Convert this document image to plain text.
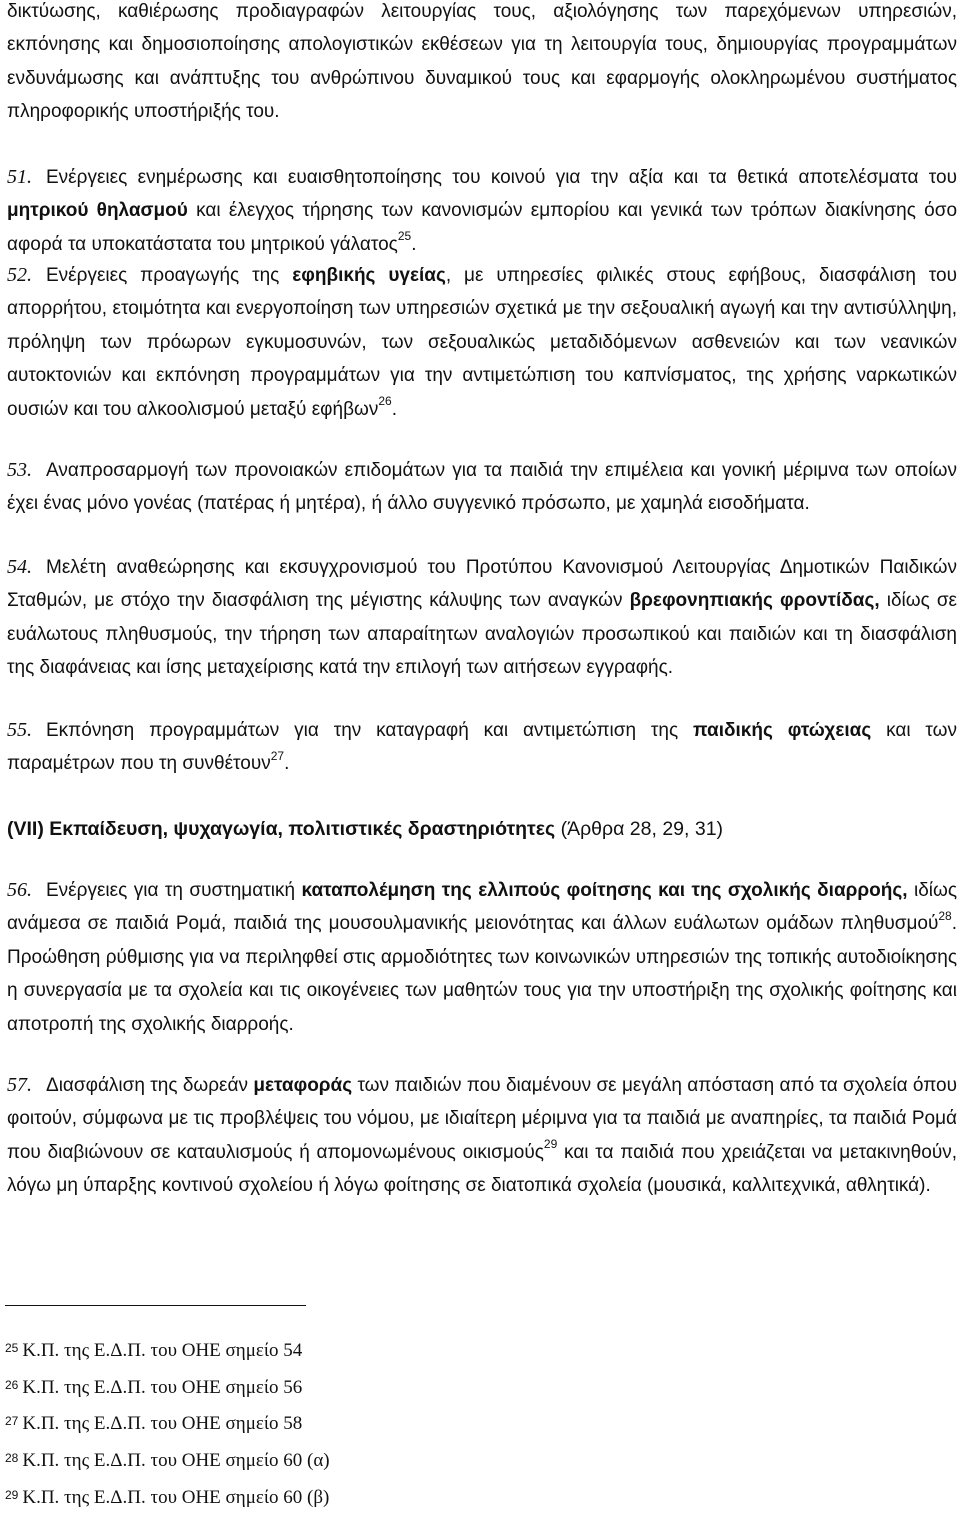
δικτύωσης, καθιέρωσης προδιαγραφών λειτουργίας τους, αξιολόγησης των παρεχόμενων υπηρεσιών, εκπόνησης και δημοσιοποίησης απολογιστικών εκθέσεων για τη λειτουργία τους, δημιουργίας προγραμμάτων ενδυνάμωσης και ανάπτυξης του ανθρώπινου δυναμικού τους και εφαρμογής ολοκληρωμένου συστήματος πληροφορικής υποστήριξής του.

51. Ενέργειες ενημέρωσης και ευαισθητοποίησης του κοινού για την αξία και τα θετικά αποτελέσματα του μητρικού θηλασμού και έλεγχος τήρησης των κανονισμών εμπορίου και γενικά των τρόπων διακίνησης όσο αφορά τα υποκατάστατα του μητρικού γάλατος$^{25}$.

52. Ενέργειες προαγωγής της εφηβικής υγείας, με υπηρεσίες φιλικές στους εφήβους, διασφάλιση του απορρήτου, ετοιμότητα και ενεργοποίηση των υπηρεσιών σχετικά με την σεξουαλική αγωγή και την αντισύλληψη, πρόληψη των πρόωρων εγκυμοσυνών, των σεξουαλικώς μεταδιδόμενων ασθενειών και των νεανικών αυτοκτονιών και εκπόνηση προγραμμάτων για την αντιμετώπιση του καπνίσματος, της χρήσης ναρκωτικών ουσιών και του αλκοολισμού μεταξύ εφήβων$^{26}$.

53. Αναπροσαρμογή των προνοιακών επιδομάτων για τα παιδιά την επιμέλεια και γονική μέριμνα των οποίων έχει ένας μόνο γονέας (πατέρας ή μητέρα), ή άλλο συγγενικό πρόσωπο, με χαμηλά εισοδήματα.

54. Μελέτη αναθεώρησης και εκσυγχρονισμού του Προτύπου Κανονισμού Λειτουργίας Δημοτικών Παιδικών Σταθμών, με στόχο την διασφάλιση της μέγιστης κάλυψης των αναγκών βρεφονηπιακής φροντίδας, ιδίως σε ευάλωτους πληθυσμούς, την τήρηση των απαραίτητων αναλογιών προσωπικού και παιδιών και τη διασφάλιση της διαφάνειας και ίσης μεταχείρισης κατά την επιλογή των αιτήσεων εγγραφής.

55. Εκπόνηση προγραμμάτων για την καταγραφή και αντιμετώπιση της παιδικής φτώχειας και των παραμέτρων που τη συνθέτουν$^{27}$.

(VII) Εκπαίδευση, ψυχαγωγία, πολιτιστικές δραστηριότητες (Άρθρα 28, 29, 31)

56. Ενέργειες για τη συστηματική καταπολέμηση της ελλιπούς φοίτησης και της σχολικής διαρροής, ιδίως ανάμεσα σε παιδιά Ρομά, παιδιά της μουσουλμανικής μειονότητας και άλλων ευάλωτων ομάδων πληθυσμού$^{28}$. Προώθηση ρύθμισης για να περιληφθεί στις αρμοδιότητες των κοινωνικών υπηρεσιών της τοπικής αυτοδιοίκησης η συνεργασία με τα σχολεία και τις οικογένειες των μαθητών τους για την υποστήριξη της σχολικής φοίτησης και αποτροπή της σχολικής διαρροής.

57. Διασφάλιση της δωρεάν μεταφοράς των παιδιών που διαμένουν σε μεγάλη απόσταση από τα σχολεία όπου φοιτούν, σύμφωνα με τις προβλέψεις του νόμου, με ιδιαίτερη μέριμνα για τα παιδιά με αναπηρίες, τα παιδιά Ρομά που διαβιώνουν σε καταυλισμούς ή απομονωμένους οικισμούς$^{29}$ και τα παιδιά που χρειάζεται να μετακινηθούν, λόγω μη ύπαρξης κοντινού σχολείου ή λόγω φοίτησης σε διατοπικά σχολεία (μουσικά, καλλιτεχνικά, αθλητικά).

$^{25}$ Κ.Π. της Ε.Δ.Π. του ΟΗΕ σημείο 54
$^{26}$ Κ.Π. της Ε.Δ.Π. του ΟΗΕ σημείο 56
$^{27}$ Κ.Π. της Ε.Δ.Π. του ΟΗΕ σημείο 58
$^{28}$ Κ.Π. της Ε.Δ.Π. του ΟΗΕ σημείο 60 (α)
$^{29}$ Κ.Π. της Ε.Δ.Π. του ΟΗΕ σημείο 60 (β)
